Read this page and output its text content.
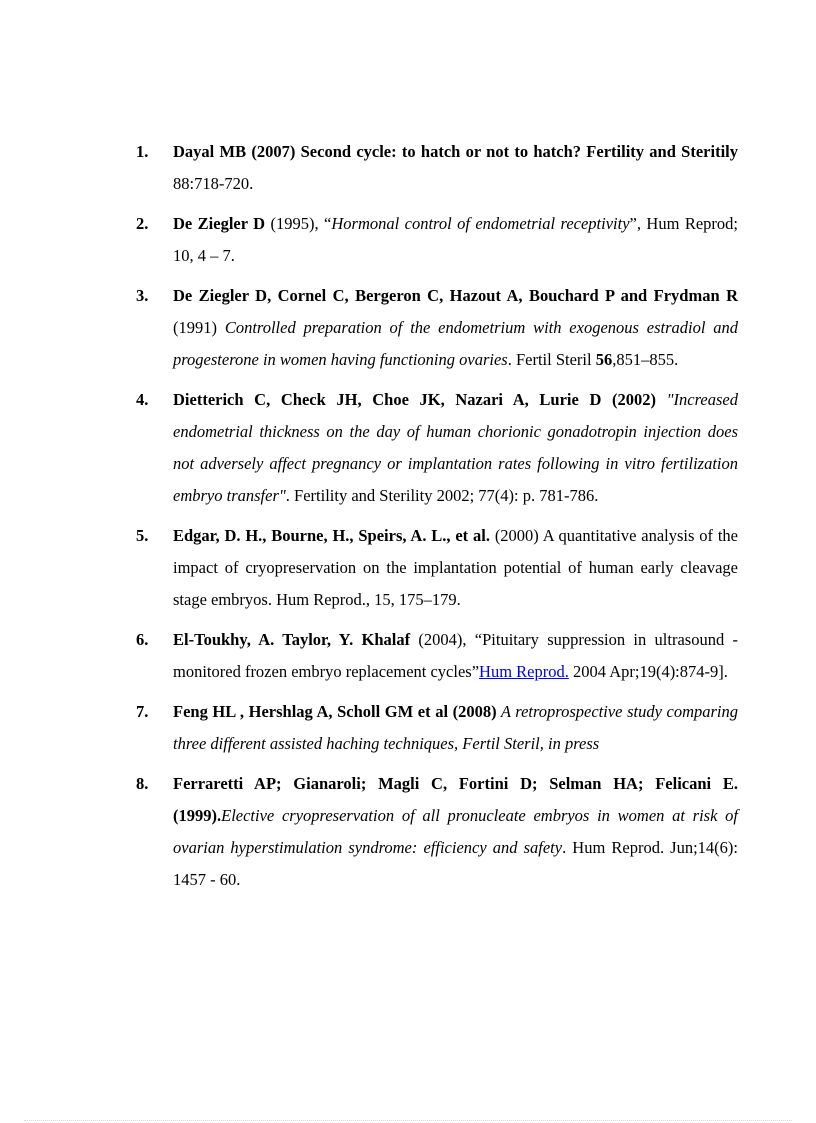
1. Dayal MB (2007) Second cycle: to hatch or not to hatch? Fertility and Steritily 88:718-720.
2. De Ziegler D (1995), “Hormonal control of endometrial receptivity”, Hum Reprod; 10, 4 – 7.
3. De Ziegler D, Cornel C, Bergeron C, Hazout A, Bouchard P and Frydman R (1991) Controlled preparation of the endometrium with exogenous estradiol and progesterone in women having functioning ovaries. Fertil Steril 56,851–855.
4. Dietterich C, Check JH, Choe JK, Nazari A, Lurie D (2002) "Increased endometrial thickness on the day of human chorionic gonadotropin injection does not adversely affect pregnancy or implantation rates following in vitro fertilization embryo transfer". Fertility and Sterility 2002; 77(4): p. 781-786.
5. Edgar, D. H., Bourne, H., Speirs, A. L., et al. (2000) A quantitative analysis of the impact of cryopreservation on the implantation potential of human early cleavage stage embryos. Hum Reprod., 15, 175–179.
6. El-Toukhy, A. Taylor, Y. Khalaf (2004), “Pituitary suppression in ultrasound - monitored frozen embryo replacement cycles”Hum Reprod. 2004 Apr;19(4):874-9].
7. Feng HL , Hershlag A, Scholl GM et al (2008) A retroprospective study comparing three different assisted haching techniques, Fertil Steril, in press
8. Ferraretti AP; Gianaroli; Magli C, Fortini D; Selman HA; Felicani E.(1999).Elective cryopreservation of all pronucleate embryos in women at risk of ovarian hyperstimulation syndrome: efficiency and safety. Hum Reprod. Jun;14(6): 1457 - 60.
